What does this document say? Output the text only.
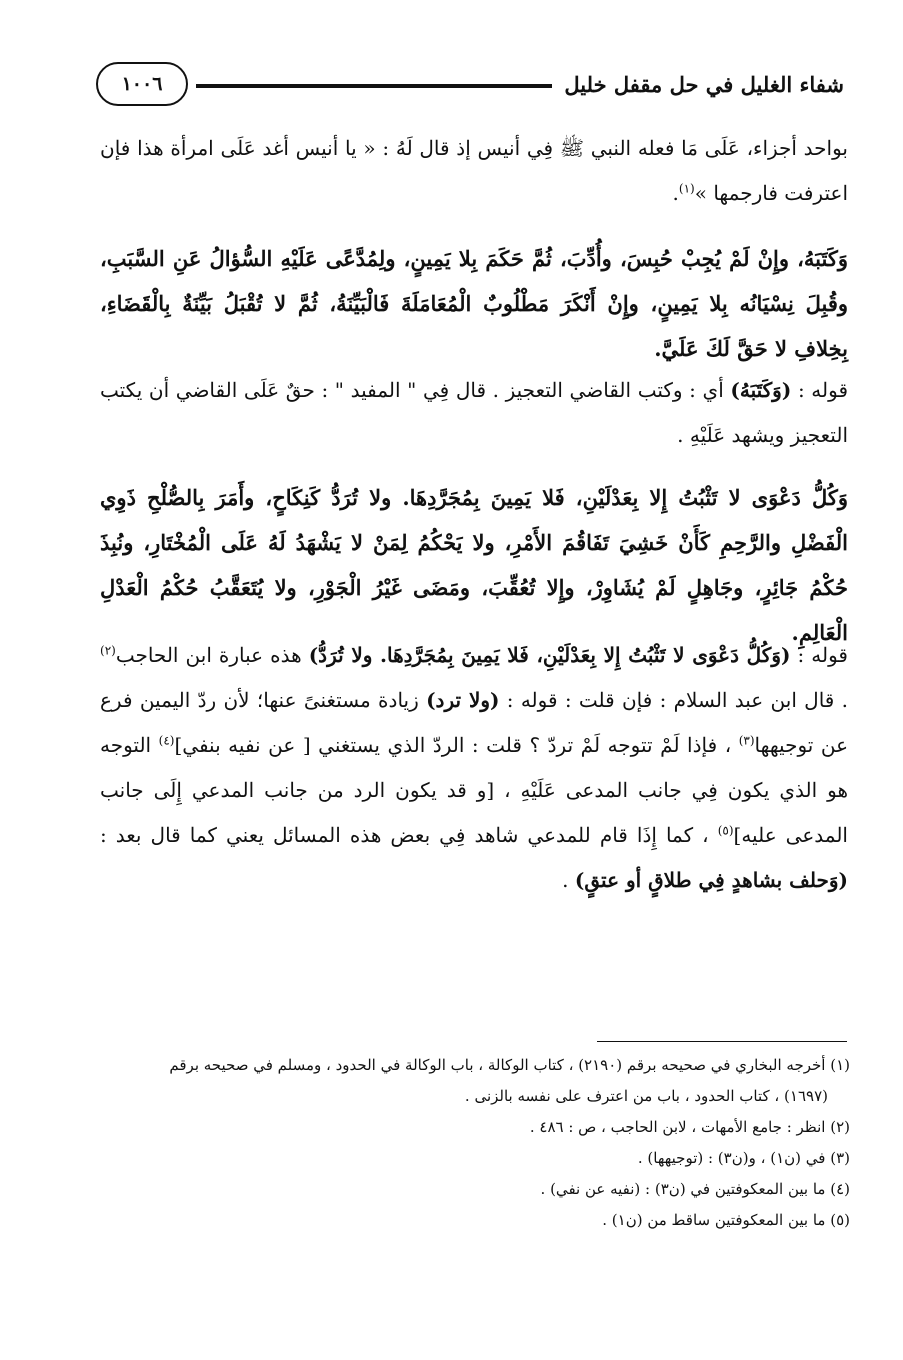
شفاء الغليل في حل مقفل خليل
١٠٠٦

بواحد أجزاء، عَلَى مَا فعله النبي ﷺ فِي أنيس إذ قال لَهُ : « يا أنيس أغد عَلَى امرأة هذا فإن اعترفت فارجمها »$^{(١)}$.

وَكَتَبَهُ، وإِنْ لَمْ يُجِبْ حُبِسَ، وأُدِّبَ، ثُمَّ حَكَمَ بِلا يَمِينٍ، ولِمُدَّعًى عَلَيْهِ السُّؤالُ عَنِ السَّبَبِ، وقُبِلَ نِسْيَانُه بِلا يَمِينٍ، وإِنْ أَنْكَرَ مَطْلُوبٌ الْمُعَامَلَةَ فَالْبَيِّنَةُ، ثُمَّ لا تُقْبَلُ بَيِّنَةٌ بِالْقَضَاءِ، بِخِلافِ لا حَقَّ لَكَ عَلَيَّ.

قوله : (وَكَتَبَهُ) أي : وكتب القاضي التعجيز . قال فِي " المفيد " : حقٌ عَلَى القاضي أن يكتب التعجيز ويشهد عَلَيْهِ .

وَكُلُّ دَعْوَى لا تَثْبُتُ إِلا بِعَدْلَيْنِ، فَلا يَمِينَ بِمُجَرَّدِهَا. ولا تُرَدُّ كَنِكَاحٍ، وأَمَرَ بِالصُّلْحِ ذَوِي الْفَضْلِ والرَّحِمِ كَأَنْ خَشِيَ تَفَاقُمَ الأَمْرِ، ولا يَحْكُمُ لِمَنْ لا يَشْهَدُ لَهُ عَلَى الْمُخْتَارِ، ونُبِذَ حُكْمُ جَائِرٍ، وجَاهِلٍ لَمْ يُشَاوِرْ، وإِلا تُعُقِّبَ، ومَضَى غَيْرُ الْجَوْرِ، ولا يُتَعَقَّبُ حُكْمُ الْعَدْلِ الْعَالِمِ.

قوله : (وَكُلُّ دَعْوَى لا تَثْبُتُ إِلا بِعَدْلَيْنِ، فَلا يَمِينَ بِمُجَرَّدِهَا. ولا تُرَدُّ) هذه عبارة ابن الحاجب$^{(٢)}$ . قال ابن عبد السلام : فإن قلت : قوله : (ولا ترد) زيادة مستغنىً عنها؛ لأن ردّ اليمين فرع عن توجيهها$^{(٣)}$ ، فإذا لَمْ تتوجه لَمْ تردّ ؟ قلت : الردّ الذي يستغني [ عن نفيه بنفي]$^{(٤)}$ التوجه هو الذي يكون فِي جانب المدعى عَلَيْهِ ، [و قد يكون الرد من جانب المدعي إِلَى جانب المدعى عليه]$^{(٥)}$ ، كما إِذَا قام للمدعي شاهد فِي بعض هذه المسائل يعني كما قال بعد : (وَحلف بشاهدٍ فِي طلاقٍ أو عتقٍ) .

(١) أخرجه البخاري في صحيحه برقم (٢١٩٠) ، كتاب الوكالة ، باب الوكالة في الحدود ، ومسلم في صحيحه برقم

(١٦٩٧) ، كتاب الحدود ، باب من اعترف على نفسه بالزنى .

(٢) انظر : جامع الأمهات ، لابن الحاجب ، ص : ٤٨٦ .

(٣) في (ن١) ، و(ن٣) : (توجيهها) .

(٤) ما بين المعكوفتين في (ن٣) : (نفيه عن نفي) .

(٥) ما بين المعكوفتين ساقط من (ن١) .
